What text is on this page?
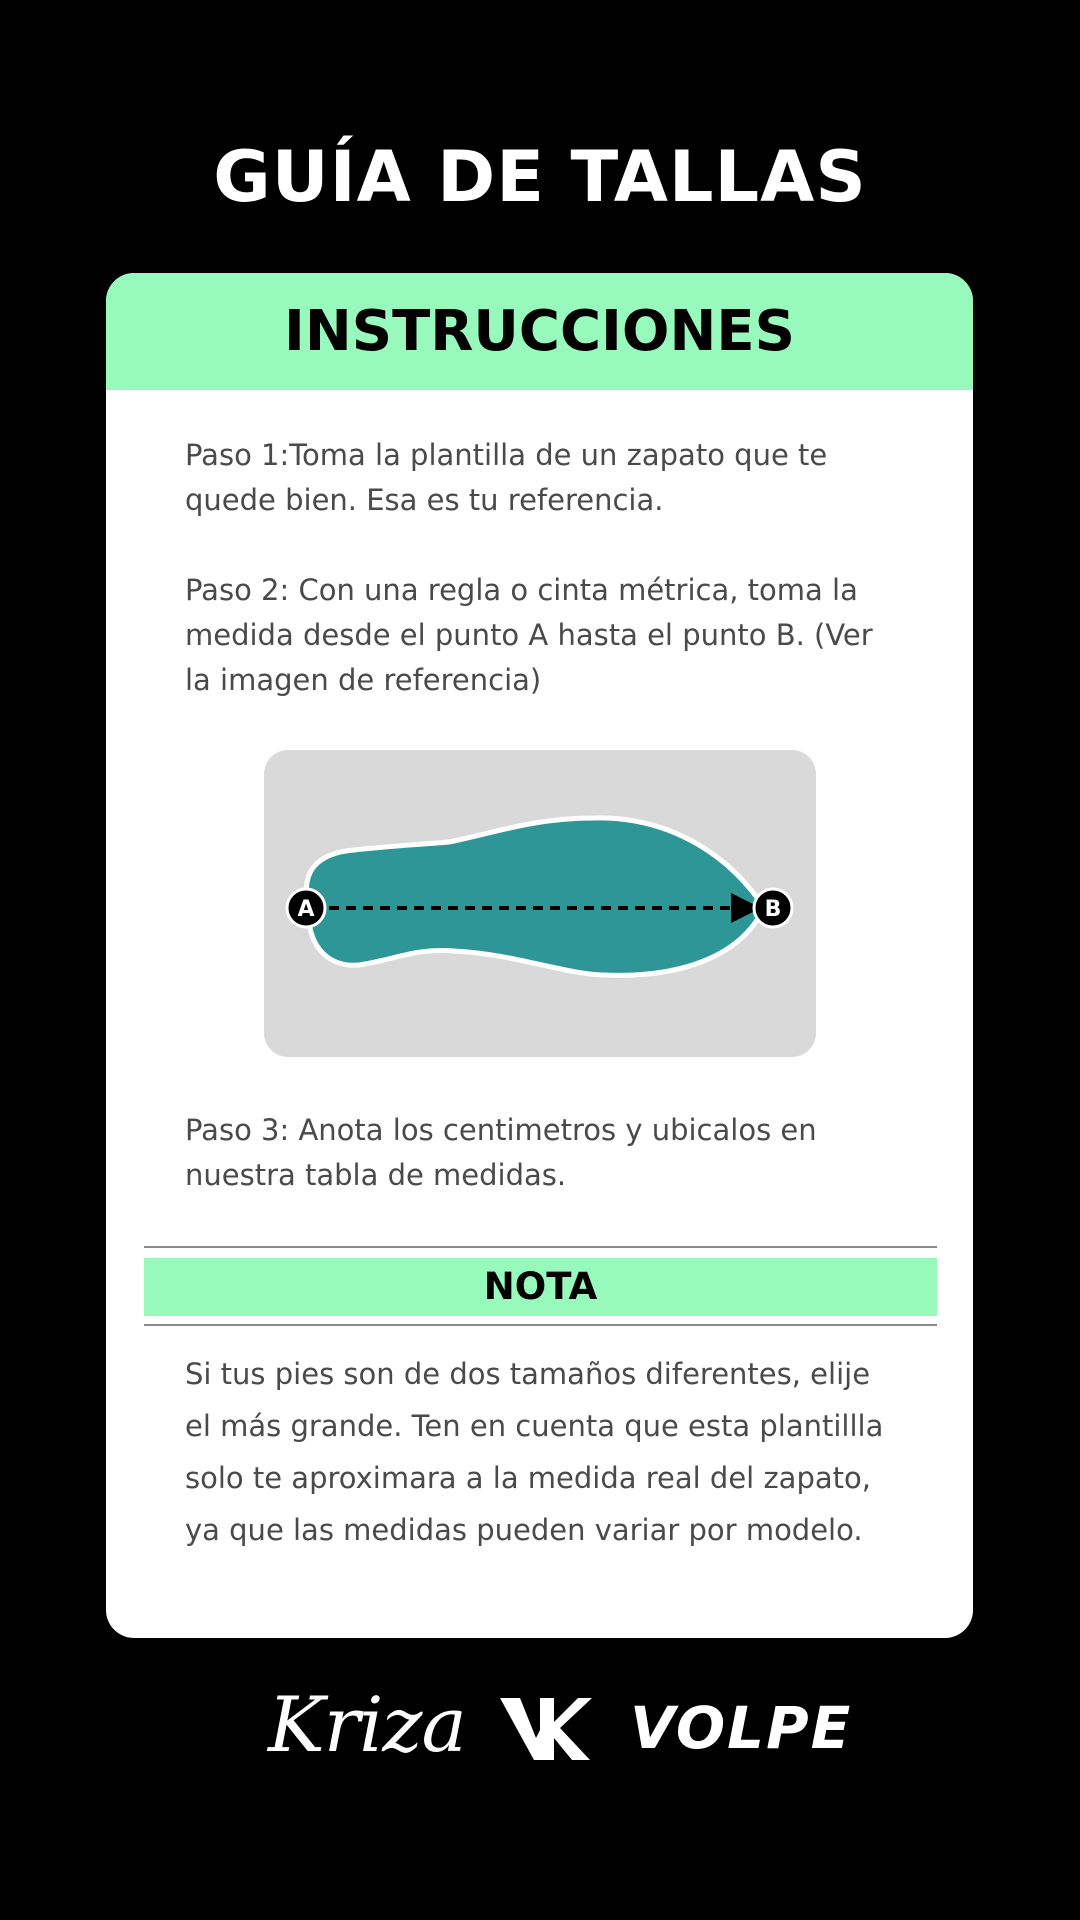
GUÍA DE TALLAS
INSTRUCCIONES

Paso 1:Toma la plantilla de un zapato que te quede bien. Esa es tu referencia.

Paso 2: Con una regla o cinta métrica, toma la medida desde el punto A hasta el punto B. (Ver la imagen de referencia)

A	B

Paso 3: Anota los centimetros y ubicalos en nuestra tabla de medidas.

NOTA

Si tus pies son de dos tamaños diferentes, elije el más grande. Ten en cuenta que esta plantillla solo te aproximara a la medida real del zapato, ya que las medidas pueden variar por modelo.

Kriza	VOLPE
